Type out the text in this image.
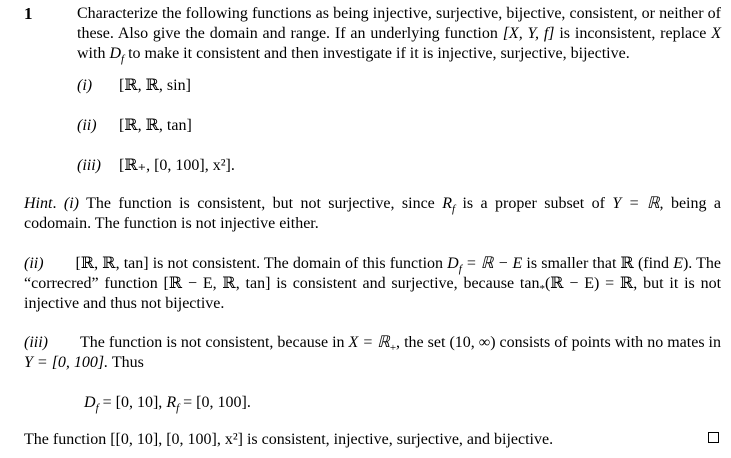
1	Characterize the following functions as being injective, surjective, bijective, consistent, or neither of these. Also give the domain and range. If an underlying function [X, Y, f] is inconsistent, replace X with $D_f$ to make it consistent and then investigate if it is injective, surjective, bijective.
(i) [ℝ, ℝ, sin]
(ii) [ℝ, ℝ, tan]
(iii) [ℝ₊, [0, 100], x²].
Hint. (i) The function is consistent, but not surjective, since $R_f$ is a proper subset of Y = ℝ, being a codomain. The function is not injective either.
(ii)   [ℝ, ℝ, tan] is not consistent. The domain of this function $D_f$ = ℝ − E is smaller that ℝ (find E). The “correcred” function [ℝ − E, ℝ, tan] is consistent and surjective, because $\tan_*(ℝ - E)$ = ℝ, but it is not injective and thus not bijective.
(iii)   The function is not consistent, because in X = ℝ$_+$, the set (10, ∞) consists of points with no mates in Y = [0, 100]. Thus
$D_f = [0$, 10], $R_f = [0$, 100].
The function [[0, 10], [0, 100], x²] is consistent, injective, surjective, and bijective.
